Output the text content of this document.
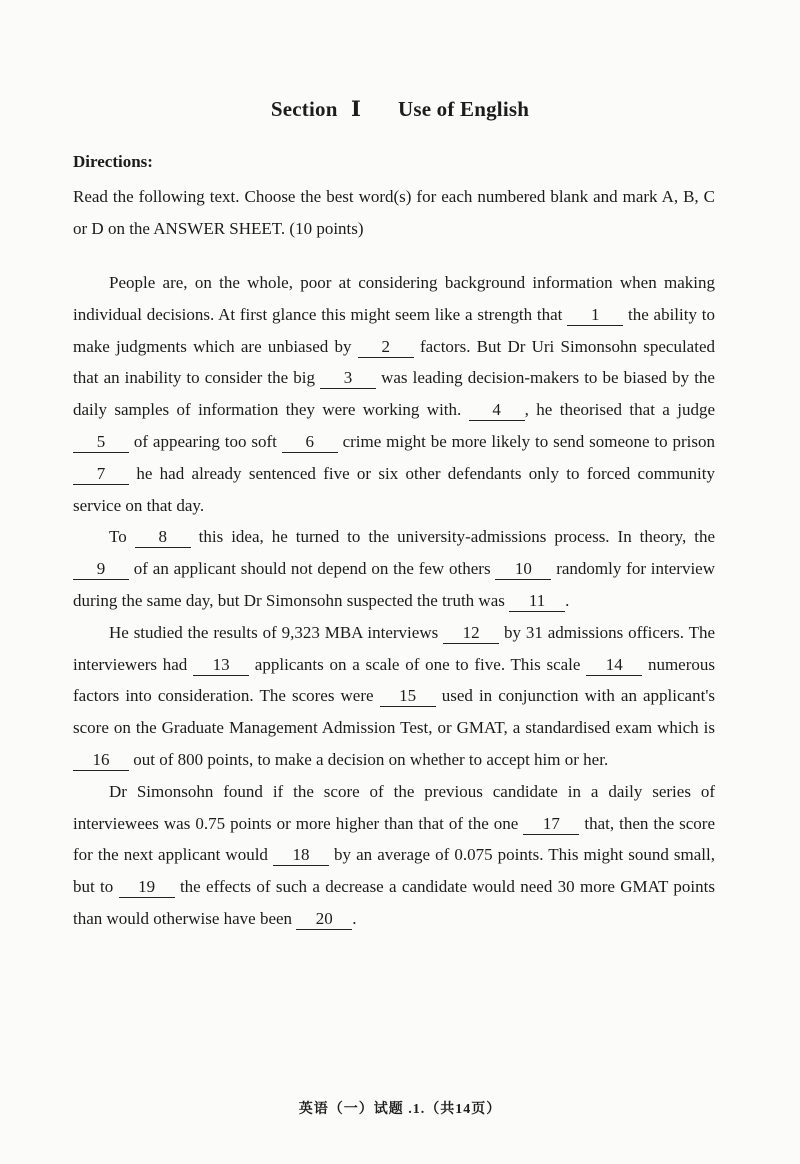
Section Ⅰ Use of English
Directions:

Read the following text. Choose the best word(s) for each numbered blank and mark A, B, C or D on the ANSWER SHEET. (10 points)

People are, on the whole, poor at considering background information when making individual decisions. At first glance this might seem like a strength that 1 the ability to make judgments which are unbiased by 2 factors. But Dr Uri Simonsohn speculated that an inability to consider the big 3 was leading decision-makers to be biased by the daily samples of information they were working with. 4 , he theorised that a judge 5 of appearing too soft 6 crime might be more likely to send someone to prison 7 he had already sentenced five or six other defendants only to forced community service on that day.

To 8 this idea, he turned to the university-admissions process. In theory, the 9 of an applicant should not depend on the few others 10 randomly for interview during the same day, but Dr Simonsohn suspected the truth was 11 .

He studied the results of 9,323 MBA interviews 12 by 31 admissions officers. The interviewers had 13 applicants on a scale of one to five. This scale 14 numerous factors into consideration. The scores were 15 used in conjunction with an applicant's score on the Graduate Management Admission Test, or GMAT, a standardised exam which is 16 out of 800 points, to make a decision on whether to accept him or her.

Dr Simonsohn found if the score of the previous candidate in a daily series of interviewees was 0.75 points or more higher than that of the one 17 that, then the score for the next applicant would 18 by an average of 0.075 points. This might sound small, but to 19 the effects of such a decrease a candidate would need 30 more GMAT points than would otherwise have been 20 .

英语（一）试题 .1.（共14页）
